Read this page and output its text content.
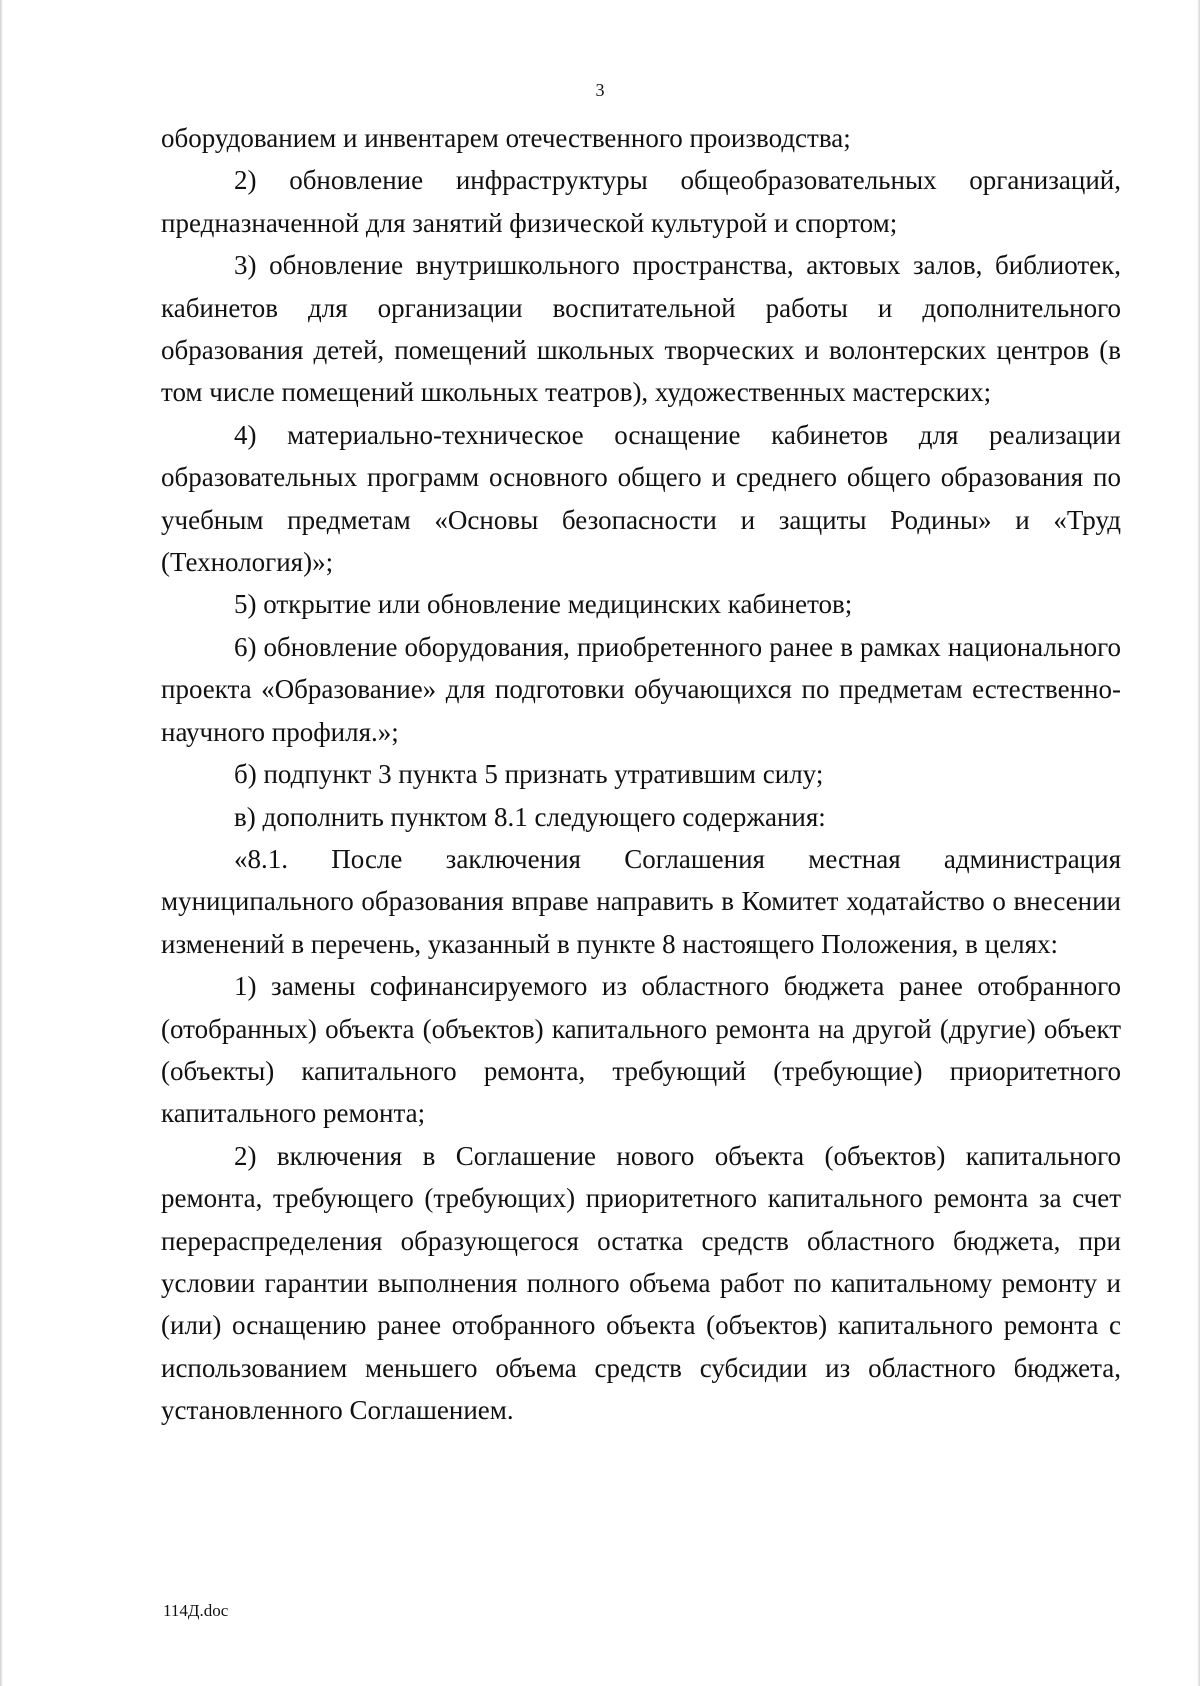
3

оборудованием и инвентарем отечественного производства;

2) обновление инфраструктуры общеобразовательных организаций, предназначенной для занятий физической культурой и спортом;

3) обновление внутришкольного пространства, актовых залов, библиотек, кабинетов для организации воспитательной работы и дополнительного образования детей, помещений школьных творческих и волонтерских центров (в том числе помещений школьных театров), художественных мастерских;

4) материально-техническое оснащение кабинетов для реализации образовательных программ основного общего и среднего общего образования по учебным предметам «Основы безопасности и защиты Родины» и «Труд (Технология)»;

5) открытие или обновление медицинских кабинетов;

6) обновление оборудования, приобретенного ранее в рамках национального проекта «Образование» для подготовки обучающихся по предметам естественно-научного профиля.»;

б) подпункт 3 пункта 5 признать утратившим силу;

в) дополнить пунктом 8.1 следующего содержания:

«8.1. После заключения Соглашения местная администрация муниципального образования вправе направить в Комитет ходатайство о внесении изменений в перечень, указанный в пункте 8 настоящего Положения, в целях:

1) замены софинансируемого из областного бюджета ранее отобранного (отобранных) объекта (объектов) капитального ремонта на другой (другие) объект (объекты) капитального ремонта, требующий (требующие) приоритетного капитального ремонта;

2) включения в Соглашение нового объекта (объектов) капитального ремонта, требующего (требующих) приоритетного капитального ремонта за счет перераспределения образующегося остатка средств областного бюджета, при условии гарантии выполнения полного объема работ по капитальному ремонту и (или) оснащению ранее отобранного объекта (объектов) капитального ремонта с использованием меньшего объема средств субсидии из областного бюджета, установленного Соглашением.

114Д.doc
